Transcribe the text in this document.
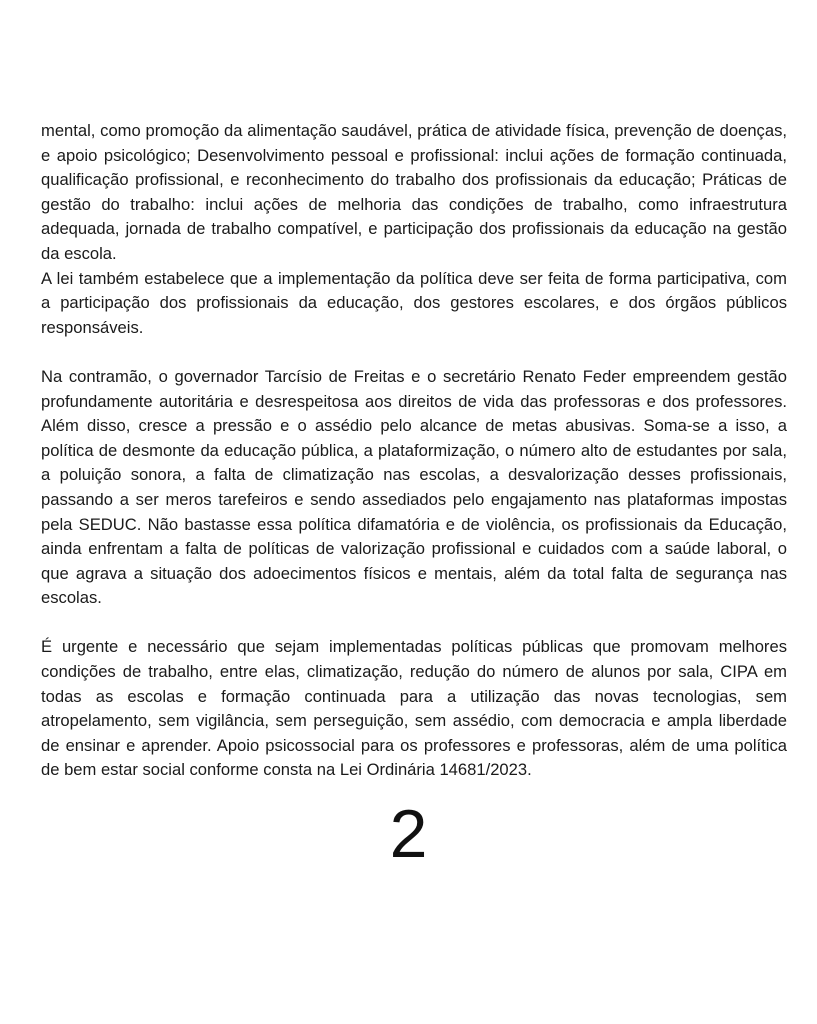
mental, como promoção da alimentação saudável, prática de atividade física, prevenção de doenças, e apoio psicológico; Desenvolvimento pessoal e profissional: inclui ações de formação continuada, qualificação profissional, e reconhecimento do trabalho dos profissionais da educação; Práticas de gestão do trabalho: inclui ações de melhoria das condições de trabalho, como infraestrutura adequada, jornada de trabalho compatível, e participação dos profissionais da educação na gestão da escola.

A lei também estabelece que a implementação da política deve ser feita de forma participativa, com a participação dos profissionais da educação, dos gestores escolares, e dos órgãos públicos responsáveis.

Na contramão, o governador Tarcísio de Freitas e o secretário Renato Feder empreendem gestão profundamente autoritária e desrespeitosa aos direitos de vida das professoras e dos professores. Além disso, cresce a pressão e o assédio pelo alcance de metas abusivas. Soma-se a isso, a política de desmonte da educação pública, a plataformização, o número alto de estudantes por sala, a poluição sonora, a falta de climatização nas escolas, a desvalorização desses profissionais, passando a ser meros tarefeiros e sendo assediados pelo engajamento nas plataformas impostas pela SEDUC. Não bastasse essa política difamatória e de violência, os profissionais da Educação, ainda enfrentam a falta de políticas de valorização profissional e cuidados com a saúde laboral, o que agrava a situação dos adoecimentos físicos e mentais, além da total falta de segurança nas escolas.

É urgente e necessário que sejam implementadas políticas públicas que promovam melhores condições de trabalho, entre elas, climatização, redução do número de alunos por sala, CIPA em todas as escolas e formação continuada para a utilização das novas tecnologias, sem atropelamento, sem vigilância, sem perseguição, sem assédio, com democracia e ampla liberdade de ensinar e aprender. Apoio psicossocial para os professores e professoras, além de uma política de bem estar social conforme consta na Lei Ordinária 14681/2023.

2
